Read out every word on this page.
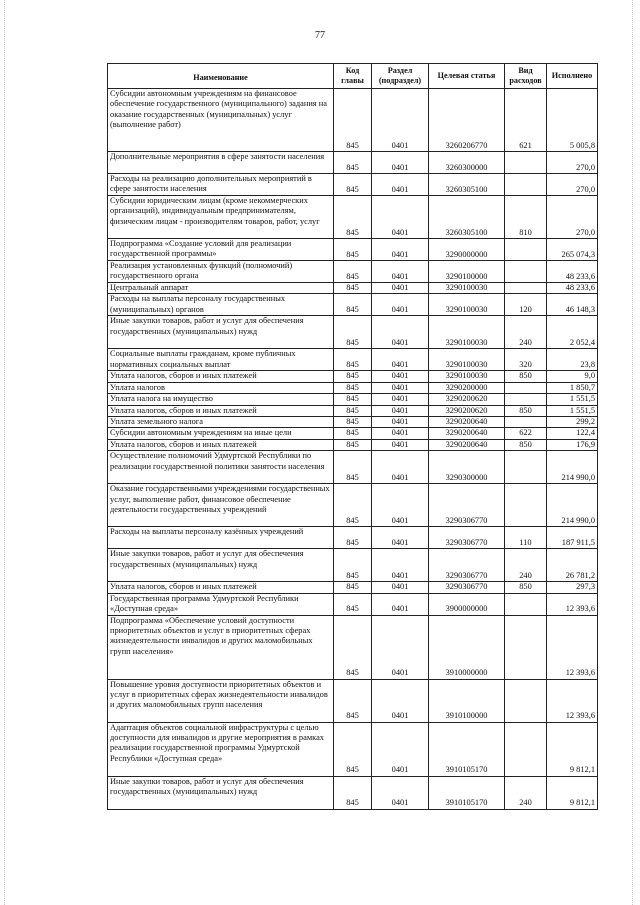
77
Наименование	Код главы	Раздел (подраздел)	Целевая статья	Вид расходов	Исполнено
Субсидии автономным учреждениям на финансовое обеспечение государственного (муниципального) задания на оказание государственных (муниципальных) услуг (выполнение работ)	845	0401	3260206770	621	5 005,8
Дополнительные мероприятия в сфере занятости населения	845	0401	3260300000		270,0
Расходы на реализацию дополнительных мероприятий в сфере занятости населения	845	0401	3260305100		270,0
Субсидии юридическим лицам (кроме некоммерческих организаций), индивидуальным предпринимателям, физическим лицам - производителям товаров, работ, услуг	845	0401	3260305100	810	270,0
Подпрограмма «Создание условий для реализации государственной программы»	845	0401	3290000000		265 074,3
Реализация установленных функций (полномочий) государственного органа	845	0401	3290100000		48 233,6
Центральный аппарат	845	0401	3290100030		48 233,6
Расходы на выплаты персоналу государственных (муниципальных) органов	845	0401	3290100030	120	46 148,3
Иные закупки товаров, работ и услуг для обеспечения государственных (муниципальных) нужд	845	0401	3290100030	240	2 052,4
Социальные выплаты гражданам, кроме публичных нормативных социальных выплат	845	0401	3290100030	320	23,8
Уплата налогов, сборов и иных платежей	845	0401	3290100030	850	9,0
Уплата налогов	845	0401	3290200000		1 850,7
Уплата налога на имущество	845	0401	3290200620		1 551,5
Уплата налогов, сборов и иных платежей	845	0401	3290200620	850	1 551,5
Уплата земельного налога	845	0401	3290200640		299,2
Субсидии автономным учреждениям на иные цели	845	0401	3290200640	622	122,4
Уплата налогов, сборов и иных платежей	845	0401	3290200640	850	176,9
Осуществление полномочий Удмуртской Республики по реализации государственной политики занятости населения	845	0401	3290300000		214 990,0
Оказание государственными учреждениями государственных услуг, выполнение работ, финансовое обеспечение деятельности государственных учреждений	845	0401	3290306770		214 990,0
Расходы на выплаты персоналу казённых учреждений	845	0401	3290306770	110	187 911,5
Иные закупки товаров, работ и услуг для обеспечения государственных (муниципальных) нужд	845	0401	3290306770	240	26 781,2
Уплата налогов, сборов и иных платежей	845	0401	3290306770	850	297,3
Государственная программа Удмуртской Республики «Доступная среда»	845	0401	3900000000		12 393,6
Подпрограмма «Обеспечение условий доступности приоритетных объектов и услуг в приоритетных сферах жизнедеятельности инвалидов и других маломобильных групп населения»	845	0401	3910000000		12 393,6
Повышение уровня доступности приоритетных объектов и услуг в приоритетных сферах жизнедеятельности инвалидов и других маломобильных групп населения	845	0401	3910100000		12 393,6
Адаптация объектов социальной инфраструктуры с целью доступности для инвалидов и другие мероприятия в рамках реализации государственной программы Удмуртской Республики «Доступная среда»	845	0401	3910105170		9 812,1
Иные закупки товаров, работ и услуг для обеспечения государственных (муниципальных) нужд	845	0401	3910105170	240	9 812,1
